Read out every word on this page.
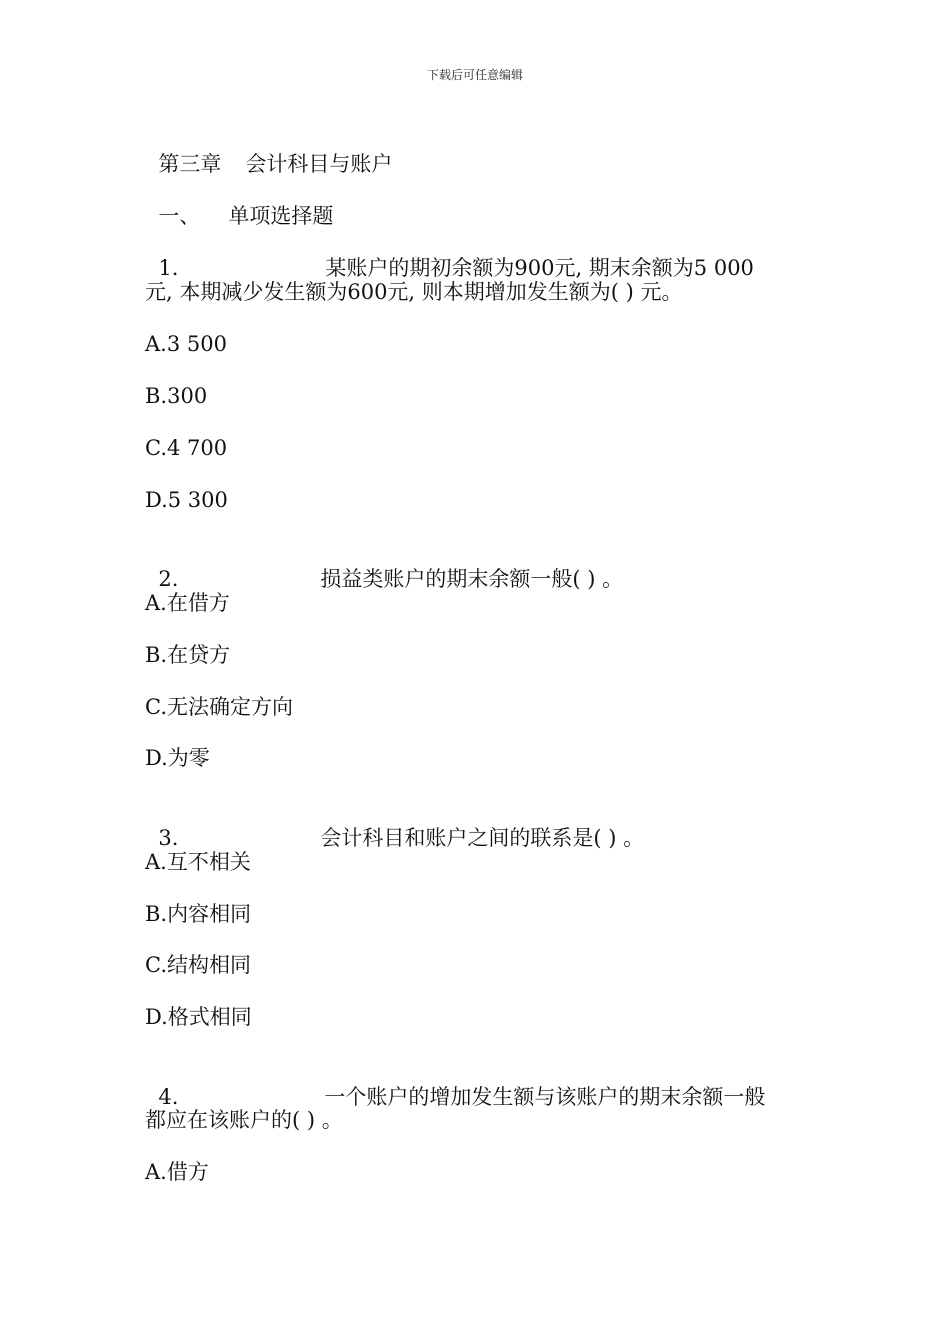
下载后可任意编辑

第三章 会计科目与账户

一、 单项选择题

1.	某账户的期初余额为900元, 期末余额为5 000

元, 本期减少发生额为600元, 则本期增加发生额为( ) 元。
A.3 500
B.300
C.4 700
D.5 300

2.	损益类账户的期末余额一般( ) 。

A.在借方
B.在贷方
C.无法确定方向
D.为零

3.	会计科目和账户之间的联系是( ) 。

A.互不相关
B.内容相同
C.结构相同
D.格式相同

4.	一个账户的增加发生额与该账户的期末余额一般

都应在该账户的( ) 。
A.借方
